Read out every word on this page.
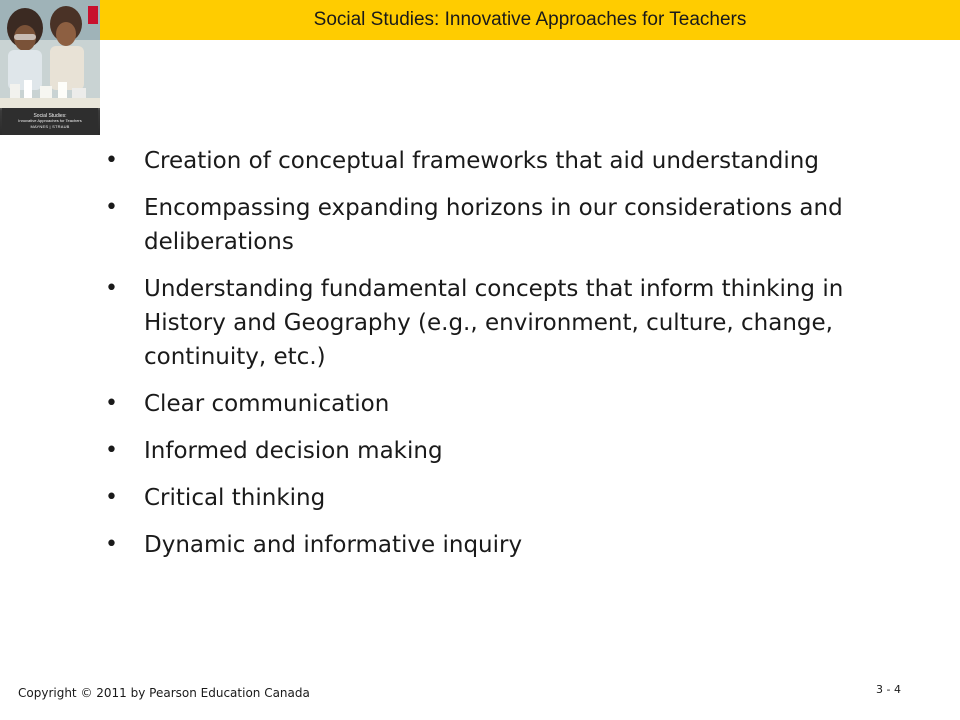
Social Studies: Innovative Approaches for Teachers
Social Studies:
Innovative Approaches for Teachers
MAYNES | STRAUB
• Creation of conceptual frameworks that aid understanding
• Encompassing expanding horizons in our considerations and deliberations
• Understanding fundamental concepts that inform thinking in History and Geography (e.g., environment, culture, change, continuity, etc.)
• Clear communication
• Informed decision making
• Critical thinking
• Dynamic and informative inquiry
Copyright © 2011 by Pearson Education Canada	3 - 4
